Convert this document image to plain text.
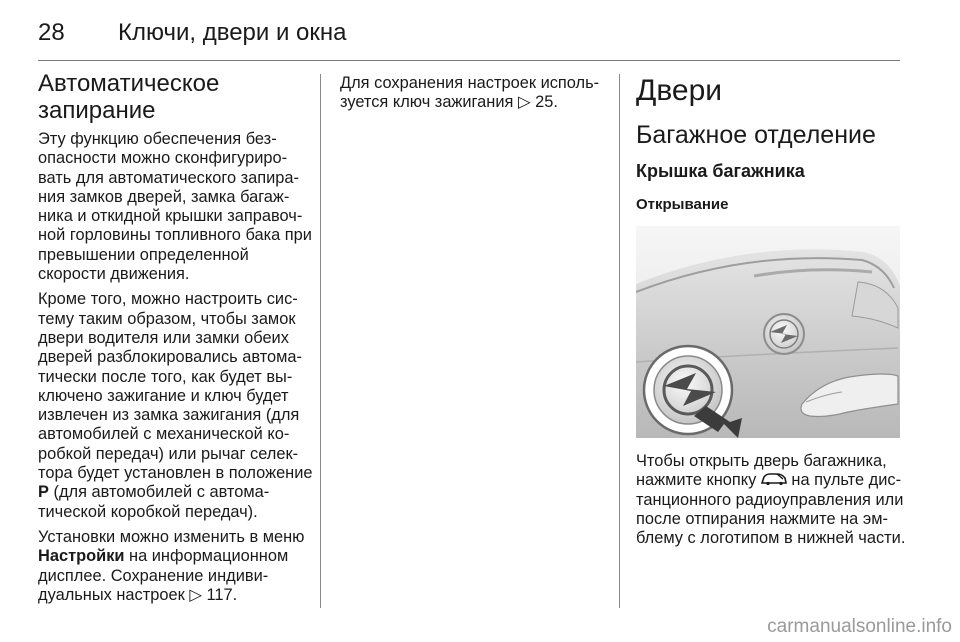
28 Ключи, двери и окна
Автоматическое запирание

Эту функцию обеспечения безопасности можно сконфигурировать для автоматического запирания замков дверей, замка багажника и откидной крышки заправочной горловины топливного бака при превышении определенной скорости движения.

Кроме того, можно настроить систему таким образом, чтобы замок двери водителя или замки обеих дверей разблокировались автоматически после того, как будет выключено зажигание и ключ будет извлечен из замка зажигания (для автомобилей с механической коробкой передач) или рычаг селектора будет установлен в положение P (для автомобилей с автоматической коробкой передач).

Установки можно изменить в меню Настройки на информационном дисплее. Сохранение индивидуальных настроек ▷ 117.

Для сохранения настроек используется ключ зажигания ▷ 25.	Двери
Багажное отделение
Крышка багажника
Открывание

Чтобы открыть дверь багажника, нажмите кнопку  на пульте дистанционного радиоуправления или после отпирания нажмите на эмблему с логотипом в нижней части.

carmanualsonline.info
